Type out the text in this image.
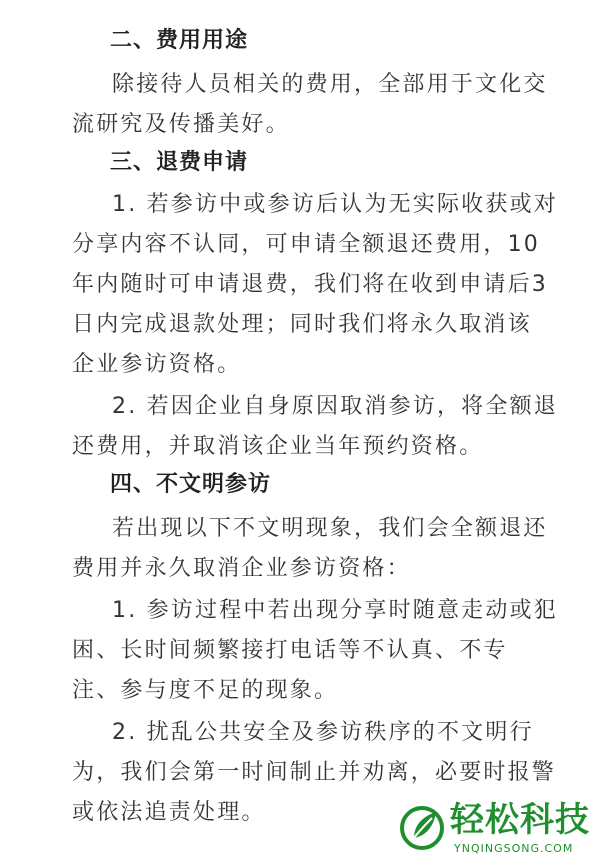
二、费用用途
除接待人员相关的费用，全部用于文化交
流研究及传播美好。
三、退费申请
1. 若参访中或参访后认为无实际收获或对
分享内容不认同，可申请全额退还费用，10
年内随时可申请退费，我们将在收到申请后3
日内完成退款处理；同时我们将永久取消该
企业参访资格。
2. 若因企业自身原因取消参访，将全额退
还费用，并取消该企业当年预约资格。
四、不文明参访
若出现以下不文明现象，我们会全额退还
费用并永久取消企业参访资格：
1. 参访过程中若出现分享时随意走动或犯
困、长时间频繁接打电话等不认真、不专
注、参与度不足的现象。
2. 扰乱公共安全及参访秩序的不文明行
为，我们会第一时间制止并劝离，必要时报警
或依法追责处理。	轻松科技
YNQINGSONG.COM
